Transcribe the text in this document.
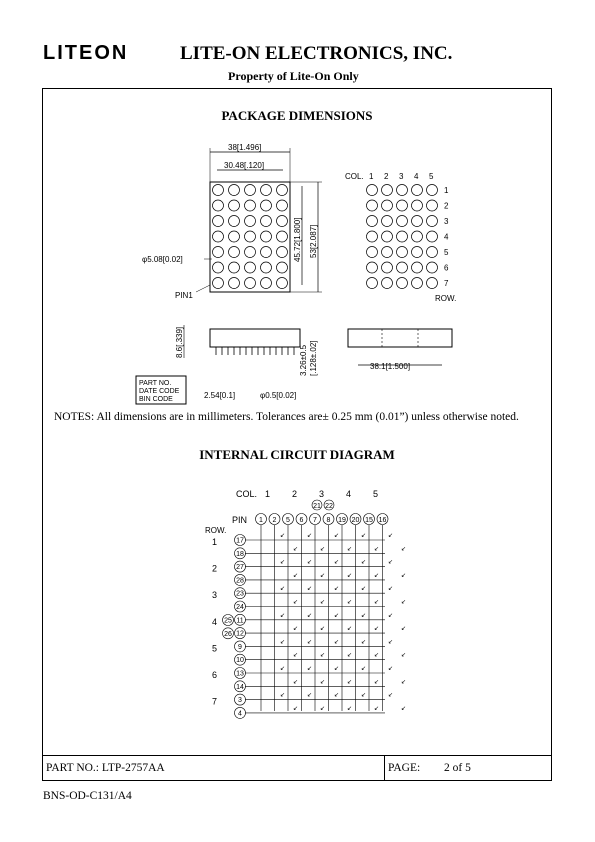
LITEON	LITE-ON ELECTRONICS, INC.
Property of Lite-On Only
PACKAGE DIMENSIONS
38[1.496]
30.48[.120]
45.72[1.800] 53[2.087]
φ5.08[0.02]
PIN1
COL. 1 2 3 4 5
1
2
3
4
5
6
7
ROW.
8.6[.339]
3.26±0.5 [.128±.02]
2.54[0.1]	φ0.5[0.02]
PART NO.
DATE CODE
BIN CODE
38.1[1.500]
NOTES: All dimensions are in millimeters. Tolerances are± 0.25 mm (0.01”) unless otherwise noted.
INTERNAL CIRCUIT DIAGRAM
COL. 1 2 3 4 5
21 22
PIN 1 2 5 6 7 8 19 20 15 16
ROW.
↙	↙	↙	↙	↙
↙	↙	↙	↙	↙
↙	↙	↙	↙	↙
↙	↙	↙	↙	↙
↙	↙	↙	↙	↙
↙	↙	↙	↙	↙
↙	↙	↙	↙	↙
↙	↙	↙	↙	↙
↙	↙	↙	↙	↙
↙	↙	↙	↙	↙
↙	↙	↙	↙	↙
↙	↙	↙	↙	↙
↙	↙	↙	↙	↙
↙	↙	↙	↙	↙
1
2
3
4
5
6
7
17
18
27
28
23
24
11
12
9
10
13
14
3
4
25
26
PART NO.: LTP-2757AA	PAGE: 2 of 5
BNS-OD-C131/A4
